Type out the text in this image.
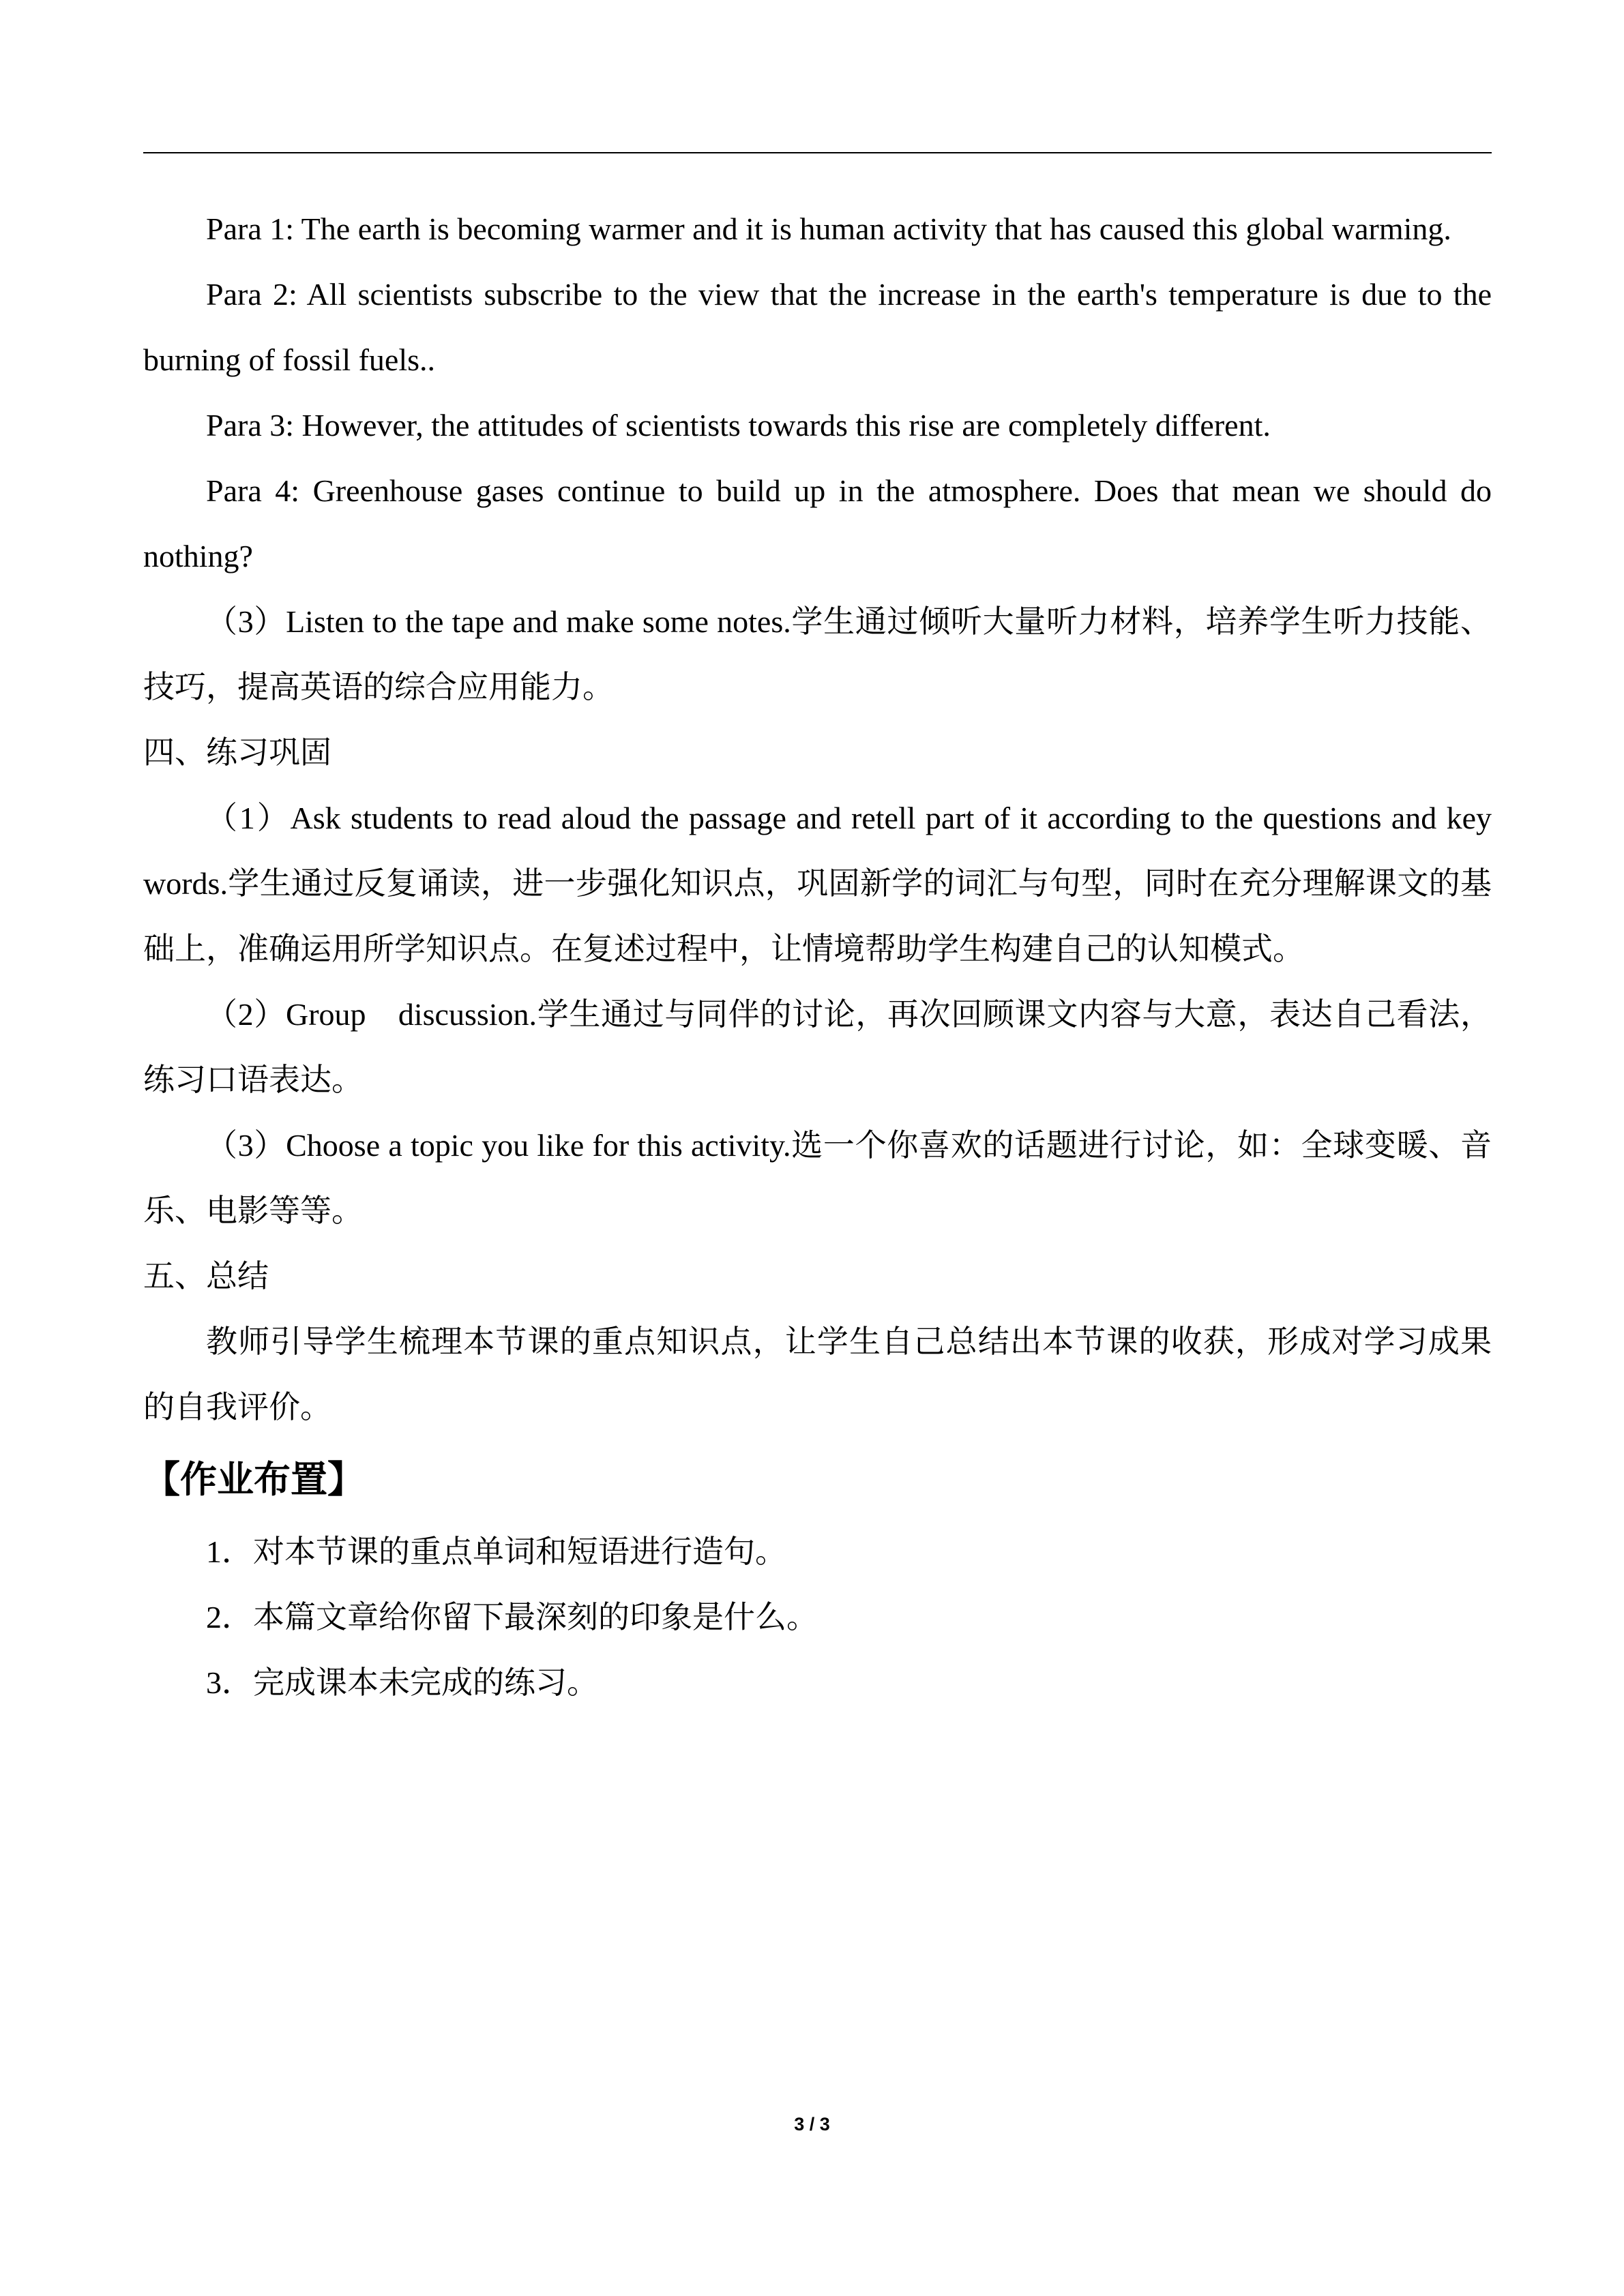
Para 1: The earth is becoming warmer and it is human activity that has caused this global warming.

Para 2: All scientists subscribe to the view that the increase in the earth's temperature is due to the burning of fossil fuels..

Para 3: However, the attitudes of scientists towards this rise are completely different.

Para 4: Greenhouse gases continue to build up in the atmosphere. Does that mean we should do nothing?

（3）Listen to the tape and make some notes.学生通过倾听大量听力材料，培养学生听力技能、技巧，提高英语的综合应用能力。

四、练习巩固

（1）Ask students to read aloud the passage and retell part of it according to the questions and key words.学生通过反复诵读，进一步强化知识点，巩固新学的词汇与句型，同时在充分理解课文的基础上，准确运用所学知识点。在复述过程中，让情境帮助学生构建自己的认知模式。

（2）Group　discussion.学生通过与同伴的讨论，再次回顾课文内容与大意，表达自己看法，练习口语表达。

（3）Choose a topic you like for this activity.选一个你喜欢的话题进行讨论，如：全球变暖、音乐、电影等等。

五、总结

教师引导学生梳理本节课的重点知识点，让学生自己总结出本节课的收获，形成对学习成果的自我评价。

【作业布置】

1．对本节课的重点单词和短语进行造句。

2．本篇文章给你留下最深刻的印象是什么。

3．完成课本未完成的练习。

3 / 3
